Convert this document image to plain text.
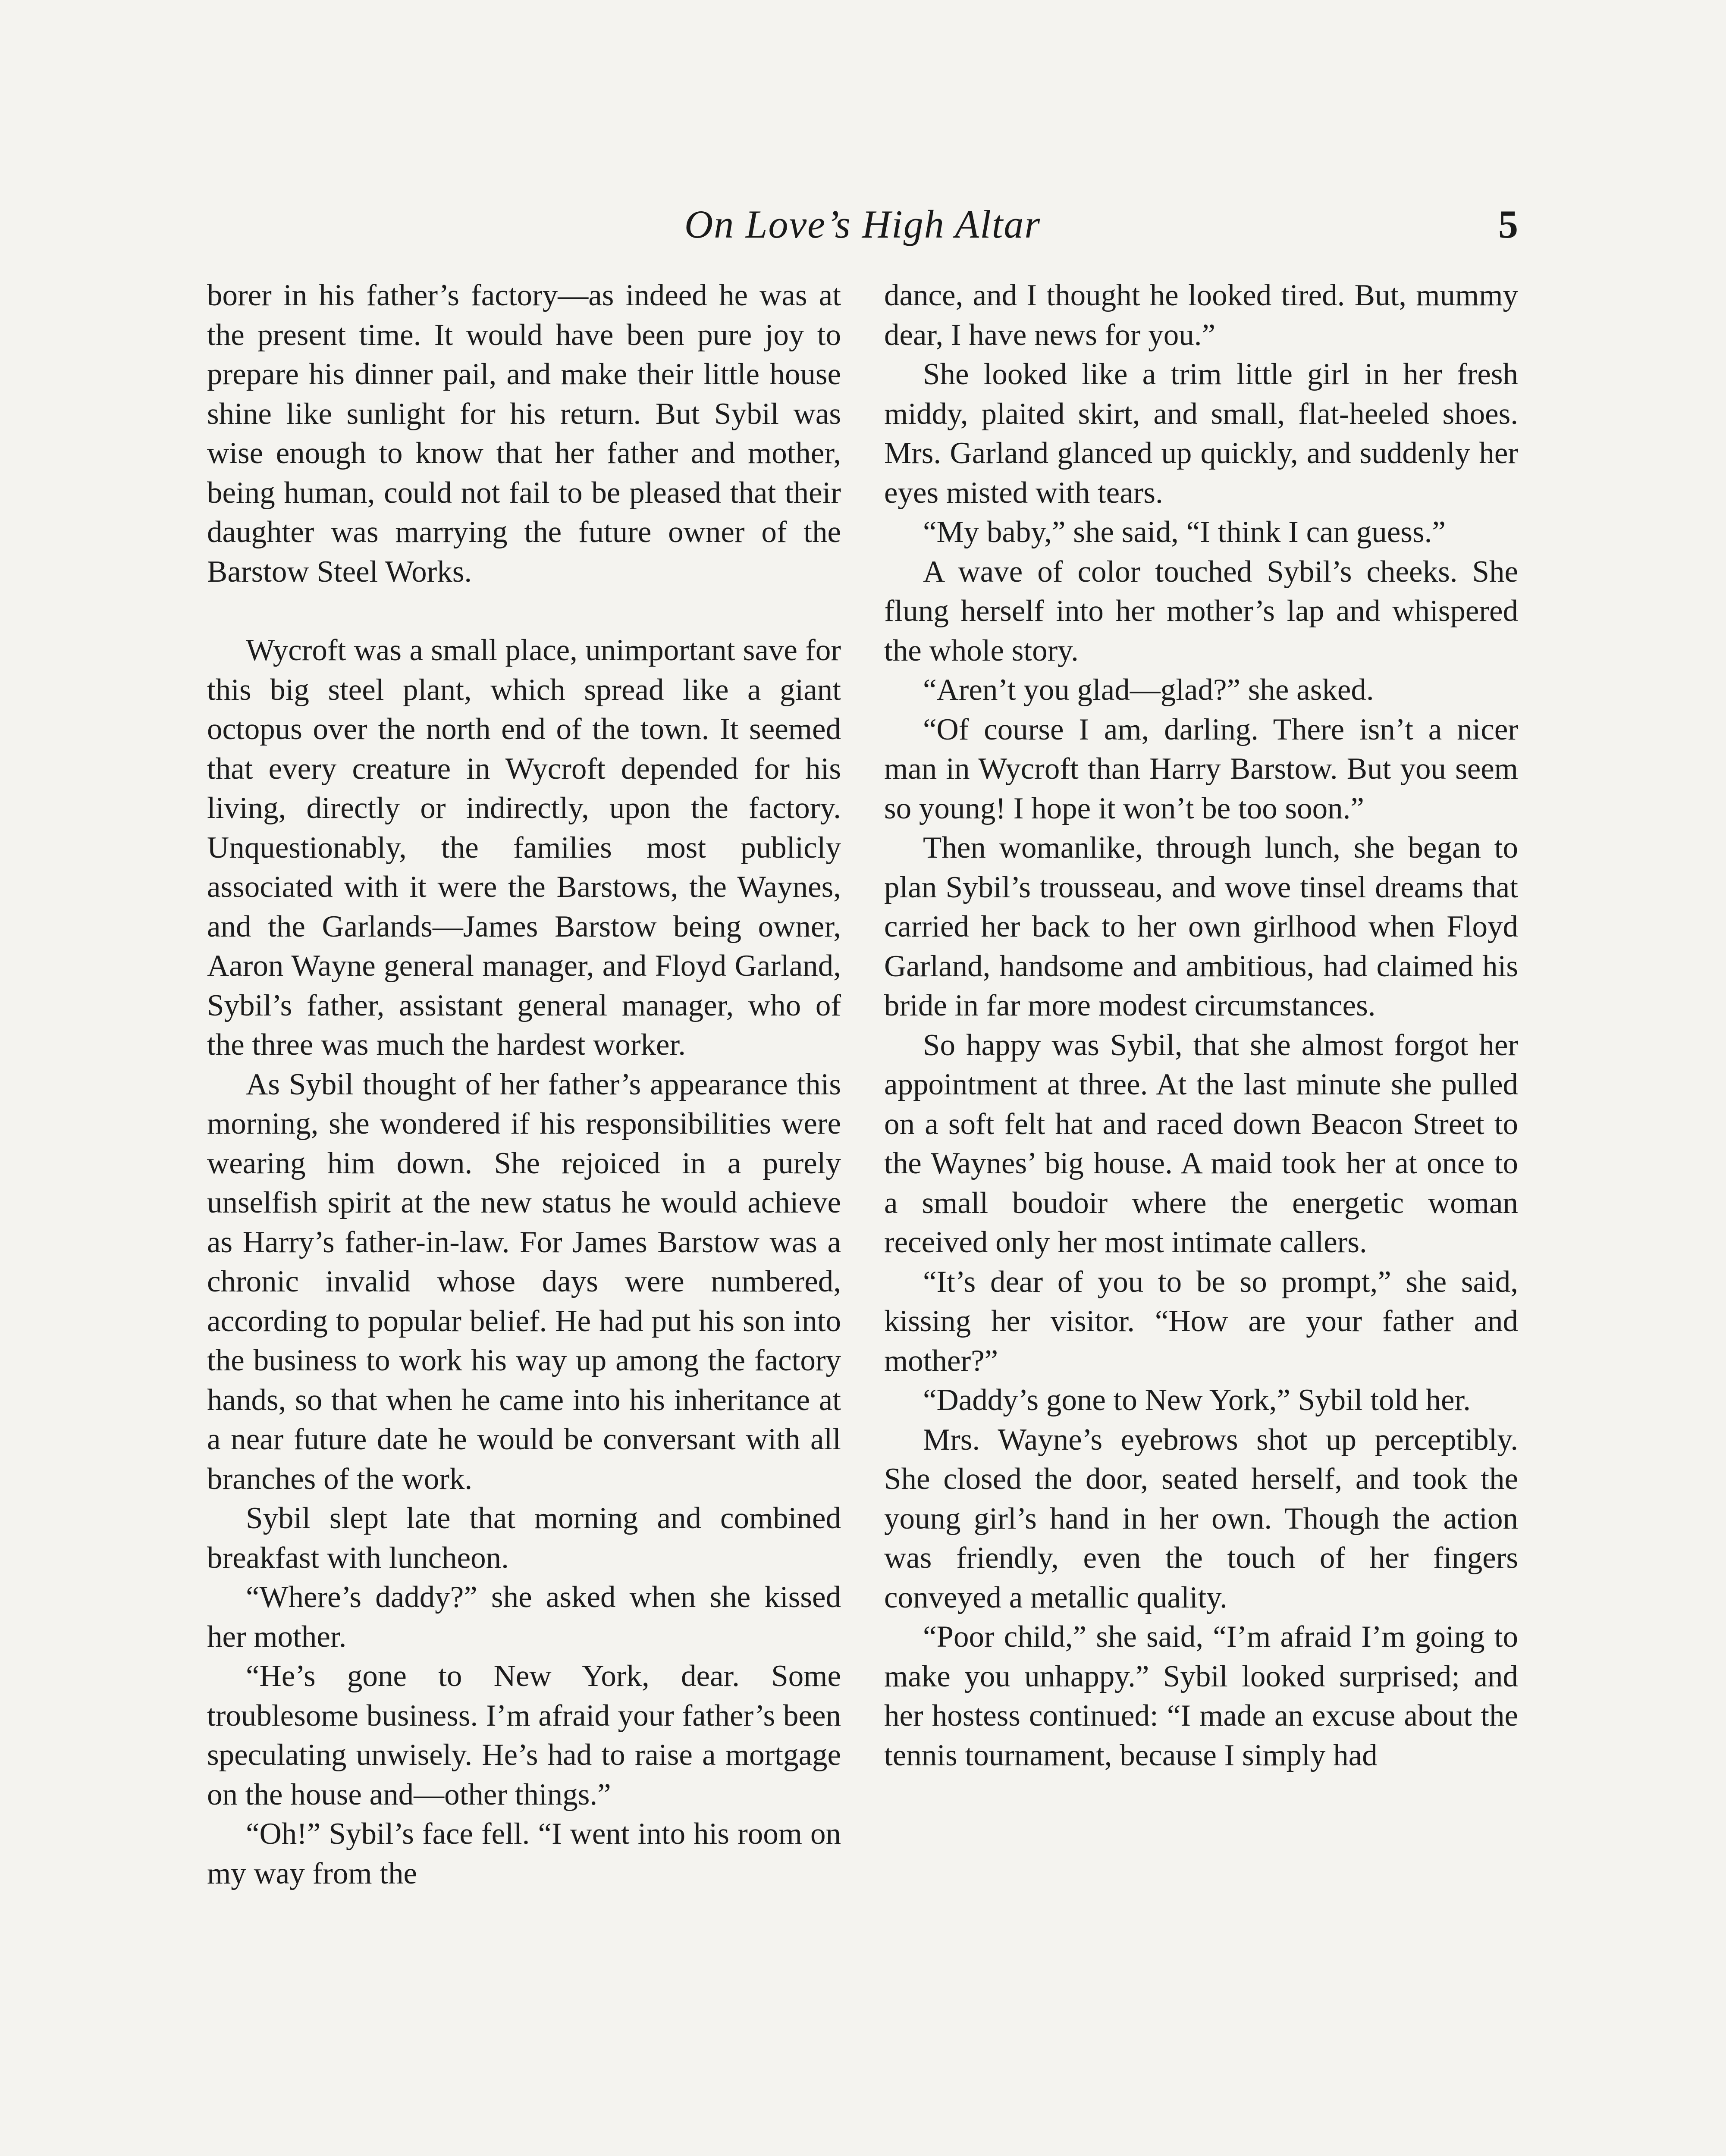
On Love’s High Altar	5

borer in his father’s factory—as indeed he was at the present time. It would have been pure joy to prepare his dinner pail, and make their little house shine like sunlight for his return. But Sybil was wise enough to know that her father and mother, being human, could not fail to be pleased that their daughter was marrying the future owner of the Barstow Steel Works.

Wycroft was a small place, unimportant save for this big steel plant, which spread like a giant octopus over the north end of the town. It seemed that every creature in Wycroft depended for his living, directly or indirectly, upon the factory. Unquestionably, the families most publicly associated with it were the Barstows, the Waynes, and the Garlands—James Barstow being owner, Aaron Wayne general manager, and Floyd Garland, Sybil’s father, assistant general manager, who of the three was much the hardest worker.

As Sybil thought of her father’s appearance this morning, she wondered if his responsibilities were wearing him down. She rejoiced in a purely unselfish spirit at the new status he would achieve as Harry’s father-in-law. For James Barstow was a chronic invalid whose days were numbered, according to popular belief. He had put his son into the business to work his way up among the factory hands, so that when he came into his inheritance at a near future date he would be conversant with all branches of the work.

Sybil slept late that morning and combined breakfast with luncheon.

“Where’s daddy?” she asked when she kissed her mother.

“He’s gone to New York, dear. Some troublesome business. I’m afraid your father’s been speculating unwisely. He’s had to raise a mortgage on the house and—other things.”

“Oh!” Sybil’s face fell. “I went into his room on my way from the

dance, and I thought he looked tired. But, mummy dear, I have news for you.”

She looked like a trim little girl in her fresh middy, plaited skirt, and small, flat-heeled shoes. Mrs. Garland glanced up quickly, and suddenly her eyes misted with tears.

“My baby,” she said, “I think I can guess.”

A wave of color touched Sybil’s cheeks. She flung herself into her mother’s lap and whispered the whole story.

“Aren’t you glad—glad?” she asked.

“Of course I am, darling. There isn’t a nicer man in Wycroft than Harry Barstow. But you seem so young! I hope it won’t be too soon.”

Then womanlike, through lunch, she began to plan Sybil’s trousseau, and wove tinsel dreams that carried her back to her own girlhood when Floyd Garland, handsome and ambitious, had claimed his bride in far more modest circumstances.

So happy was Sybil, that she almost forgot her appointment at three. At the last minute she pulled on a soft felt hat and raced down Beacon Street to the Waynes’ big house. A maid took her at once to a small boudoir where the energetic woman received only her most intimate callers.

“It’s dear of you to be so prompt,” she said, kissing her visitor. “How are your father and mother?”

“Daddy’s gone to New York,” Sybil told her.

Mrs. Wayne’s eyebrows shot up perceptibly. She closed the door, seated herself, and took the young girl’s hand in her own. Though the action was friendly, even the touch of her fingers conveyed a metallic quality.

“Poor child,” she said, “I’m afraid I’m going to make you unhappy.” Sybil looked surprised; and her hostess continued: “I made an excuse about the tennis tournament, because I simply had
